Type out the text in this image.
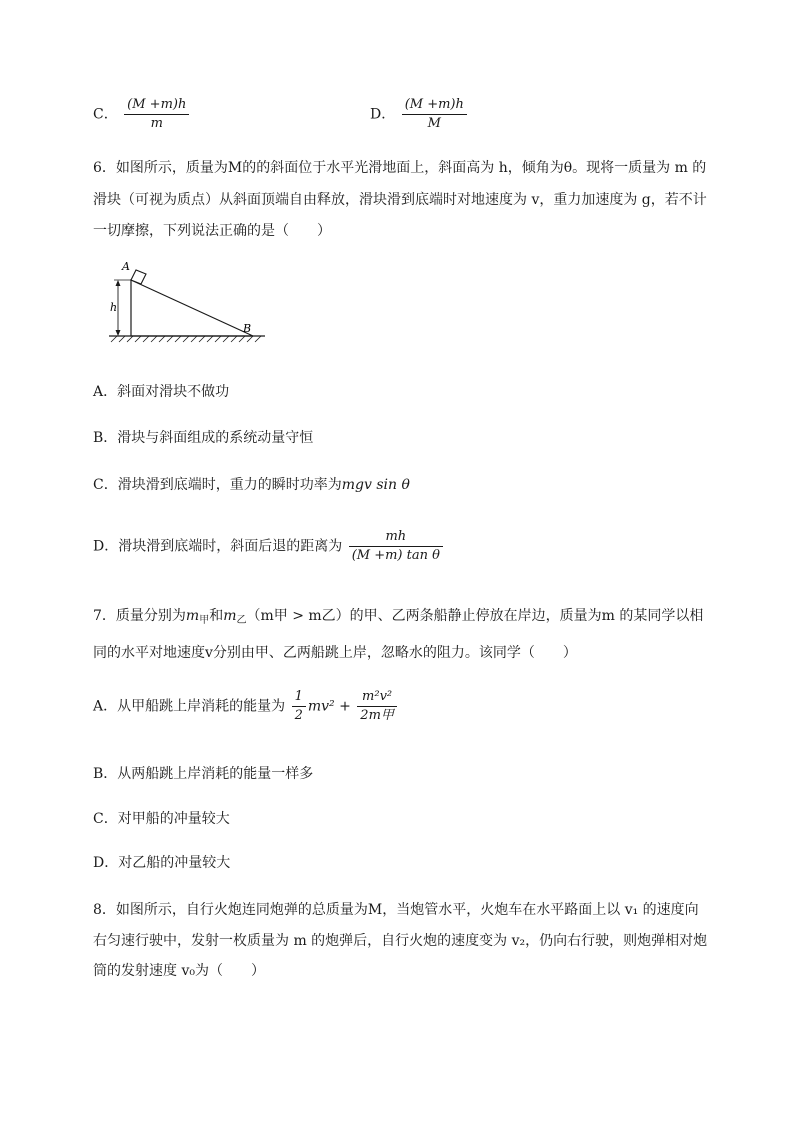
C． $\frac{(M +m)h}{m}$	D． $\frac{(M +m)h}{M}$
6．如图所示，质量为M的的斜面位于水平光滑地面上，斜面高为 h，倾角为θ。现将一质量为 m 的
滑块（可视为质点）从斜面顶端自由释放，滑块滑到底端时对地速度为 v，重力加速度为 g，若不计
一切摩擦，下列说法正确的是（　　）
A
h
B
A．斜面对滑块不做功
B．滑块与斜面组成的系统动量守恒
C．滑块滑到底端时，重力的瞬时功率为mgv sin θ
D．滑块滑到底端时，斜面后退的距离为 $\frac{mh}{\text{(M +m) tan θ}}$
7．质量分别为$m_甲$和$m_乙(m$甲 > m乙）的甲、乙两条船静止停放在岸边，质量为m 的某同学以相
同的水平对地速度v分别由甲、乙两船跳上岸，忽略水的阻力。该同学（　　）
A．从甲船跳上岸消耗的能量为 $\frac{1}{2} mv^2 + \frac{\text{m²v²}}{\text{2m甲}}$
B．从两船跳上岸消耗的能量一样多
C．对甲船的冲量较大
D．对乙船的冲量较大
8．如图所示，自行火炮连同炮弹的总质量为M，当炮管水平，火炮车在水平路面上以 v₁ 的速度向
右匀速行驶中，发射一枚质量为 m 的炮弹后，自行火炮的速度变为 v₂，仍向右行驶，则炮弹相对炮
筒的发射速度 v₀为（　　）
